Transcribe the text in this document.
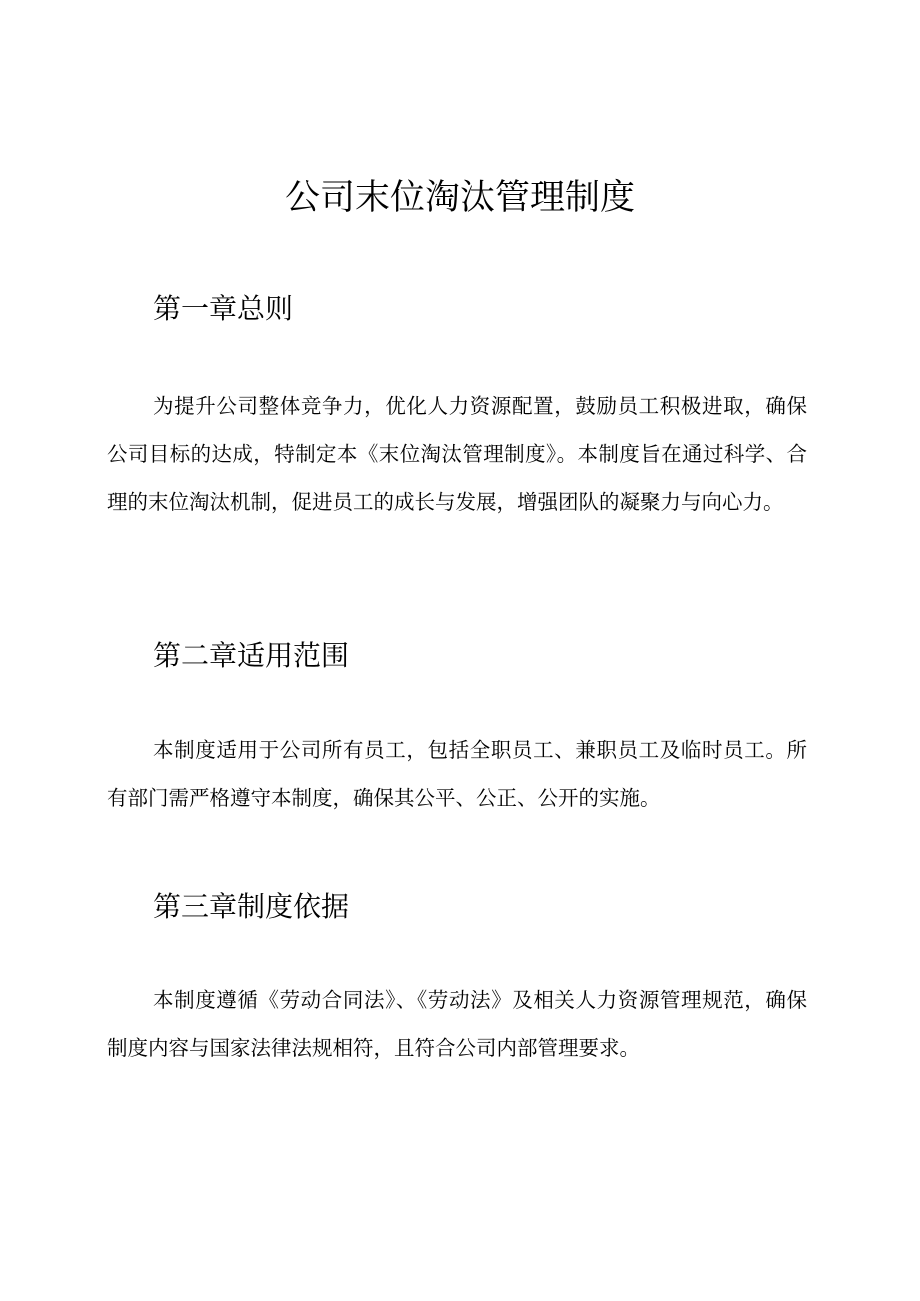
公司末位淘汰管理制度
第一章总则

为提升公司整体竞争力，优化人力资源配置，鼓励员工积极进取，确保公司目标的达成，特制定本《末位淘汰管理制度》。本制度旨在通过科学、合理的末位淘汰机制，促进员工的成长与发展，增强团队的凝聚力与向心力。

第二章适用范围

本制度适用于公司所有员工，包括全职员工、兼职员工及临时员工。所有部门需严格遵守本制度，确保其公平、公正、公开的实施。

第三章制度依据

本制度遵循《劳动合同法》、《劳动法》及相关人力资源管理规范，确保制度内容与国家法律法规相符，且符合公司内部管理要求。
